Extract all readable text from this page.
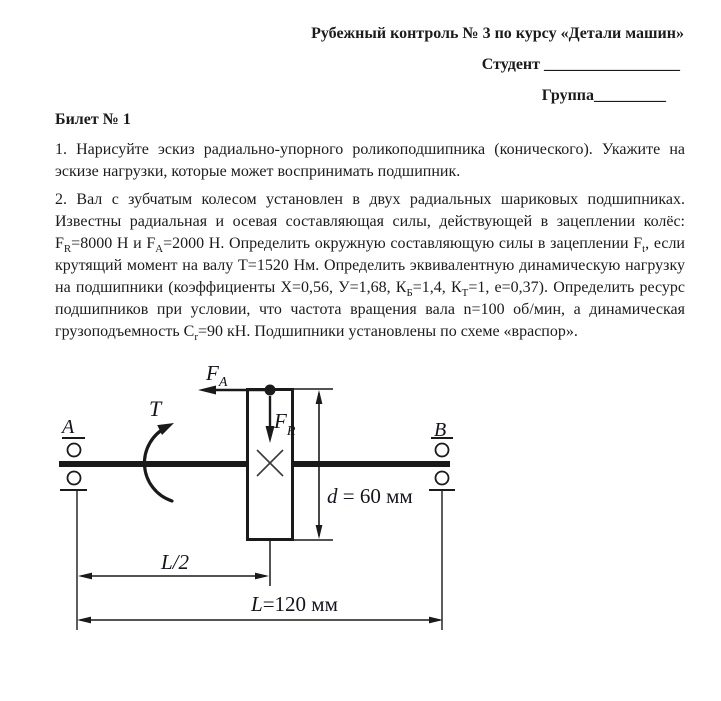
Рубежный контроль № 3 по курсу «Детали машин»
Студент _________________
Группа_________
Билет № 1

1. Нарисуйте эскиз радиально-упорного роликоподшипника (конического). Укажите на эскизе нагрузки, которые может воспринимать подшипник.

2. Вал с зубчатым колесом установлен в двух радиальных шариковых подшипниках. Известны радиальная и осевая составляющая силы, действующей в зацеплении колёс: $F_R=8000$ Н и $F_A=2000$ Н. Определить окружную составляющую силы в зацеплении $F_t$, если крутящий момент на валу Т=1520 Нм. Определить эквивалентную динамическую нагрузку на подшипники (коэффициенты Х=0,56, У=1,68, $К_Б=1,4$, $К_Т=1$, е=0,37). Определить ресурс подшипников при условии, что частота вращения вала n=100 об/мин, а динамическая грузоподъемность $С_r=90$ кН. Подшипники установлены по схеме «враспор».

A	B
$F_A$
$F_R$
T
d = 60 мм
L/2
L=120 мм
